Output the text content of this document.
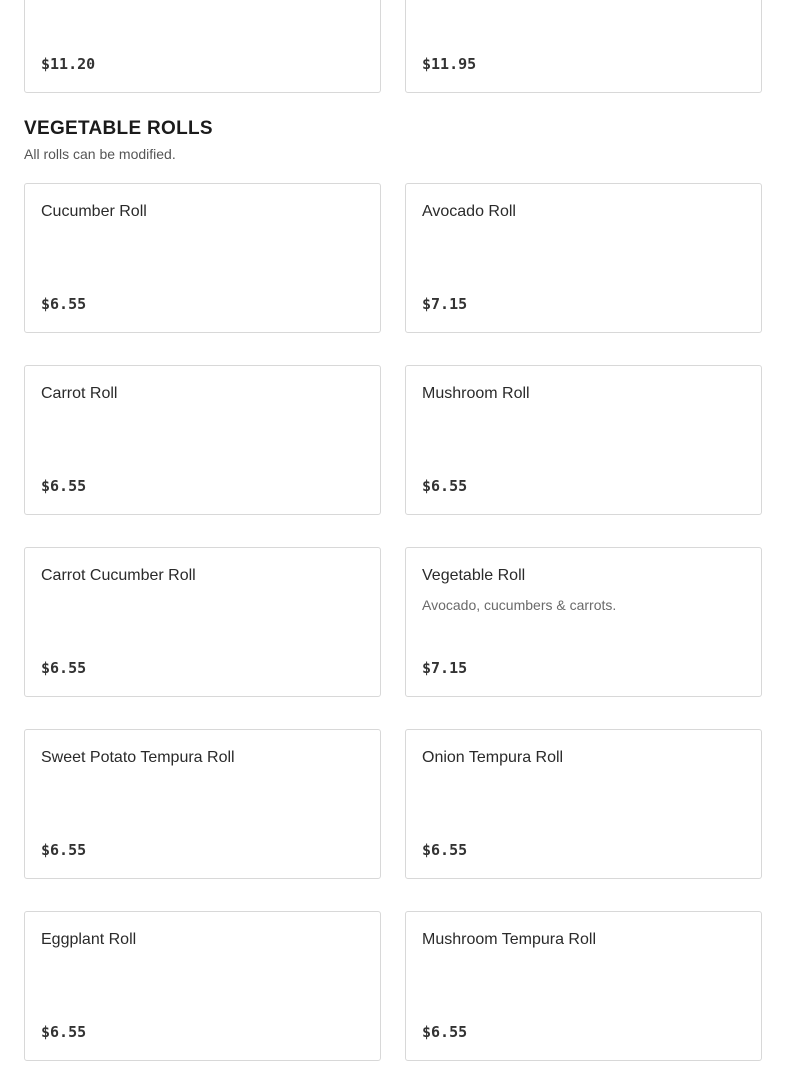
$11.20	$11.95
VEGETABLE ROLLS
All rolls can be modified.
Cucumber Roll
$6.55
Avocado Roll
$7.15
Carrot Roll
$6.55
Mushroom Roll
$6.55
Carrot Cucumber Roll
$6.55
Vegetable Roll
Avocado, cucumbers & carrots.
$7.15
Sweet Potato Tempura Roll
$6.55
Onion Tempura Roll
$6.55
Eggplant Roll
$6.55
Mushroom Tempura Roll
$6.55
